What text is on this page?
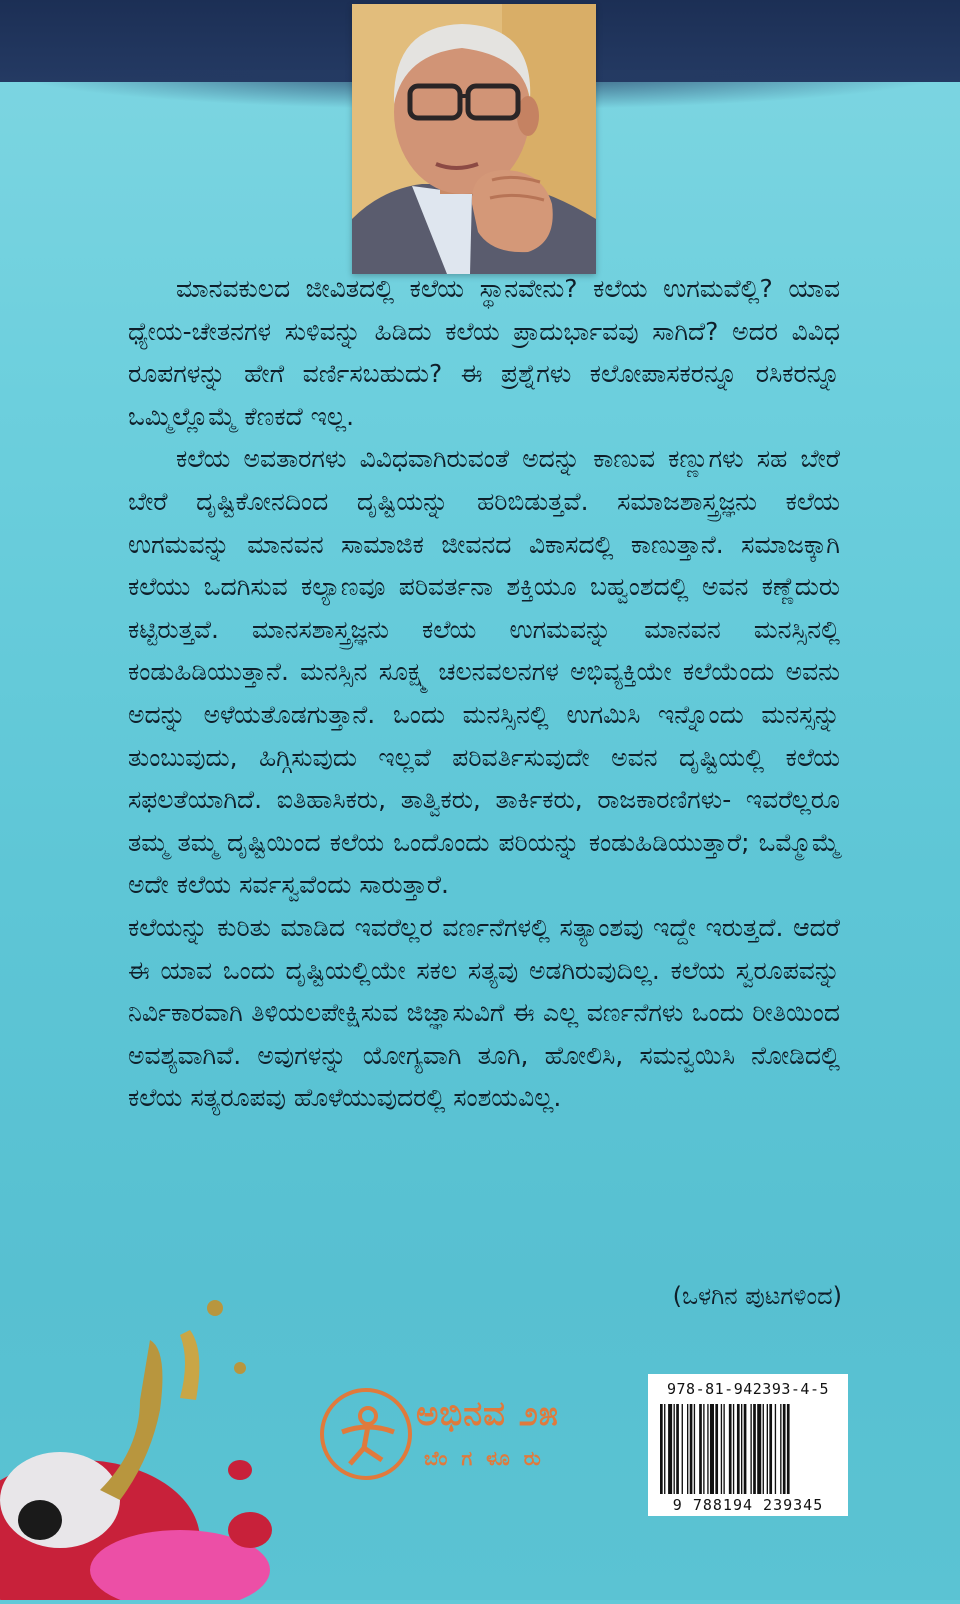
ಮಾನವಕುಲದ ಜೀವಿತದಲ್ಲಿ ಕಲೆಯ ಸ್ಥಾನವೇನು? ಕಲೆಯ ಉಗಮವೆಲ್ಲಿ? ಯಾವ ಧ್ಯೇಯ-ಚೇತನಗಳ ಸುಳಿವನ್ನು ಹಿಡಿದು ಕಲೆಯ ಪ್ರಾದುರ್ಭಾವವು ಸಾಗಿದೆ? ಅದರ ವಿವಿಧ ರೂಪಗಳನ್ನು ಹೇಗೆ ವರ್ಣಿಸಬಹುದು? ಈ ಪ್ರಶ್ನೆಗಳು ಕಲೋಪಾಸಕರನ್ನೂ ರಸಿಕರನ್ನೂ ಒಮ್ಮಿಲ್ಲೊಮ್ಮೆ ಕೆಣಕದೆ ಇಲ್ಲ.

ಕಲೆಯ ಅವತಾರಗಳು ವಿವಿಧವಾಗಿರುವಂತೆ ಅದನ್ನು ಕಾಣುವ ಕಣ್ಣುಗಳು ಸಹ ಬೇರೆ ಬೇರೆ ದೃಷ್ಟಿಕೋನದಿಂದ ದೃಷ್ಟಿಯನ್ನು ಹರಿಬಿಡುತ್ತವೆ. ಸಮಾಜಶಾಸ್ತ್ರಜ್ಞನು ಕಲೆಯ ಉಗಮವನ್ನು ಮಾನವನ ಸಾಮಾಜಿಕ ಜೀವನದ ವಿಕಾಸದಲ್ಲಿ ಕಾಣುತ್ತಾನೆ. ಸಮಾಜಕ್ಕಾಗಿ ಕಲೆಯು ಒದಗಿಸುವ ಕಲ್ಯಾಣವೂ ಪರಿವರ್ತನಾ ಶಕ್ತಿಯೂ ಬಹ್ವಂಶದಲ್ಲಿ ಅವನ ಕಣ್ಣೆದುರು ಕಟ್ಟಿರುತ್ತವೆ. ಮಾನಸಶಾಸ್ತ್ರಜ್ಞನು ಕಲೆಯ ಉಗಮವನ್ನು ಮಾನವನ ಮನಸ್ಸಿನಲ್ಲಿ ಕಂಡುಹಿಡಿಯುತ್ತಾನೆ. ಮನಸ್ಸಿನ ಸೂಕ್ಷ್ಮ ಚಲನವಲನಗಳ ಅಭಿವ್ಯಕ್ತಿಯೇ ಕಲೆಯೆಂದು ಅವನು ಅದನ್ನು ಅಳೆಯತೊಡಗುತ್ತಾನೆ. ಒಂದು ಮನಸ್ಸಿನಲ್ಲಿ ಉಗಮಿಸಿ ಇನ್ನೊಂದು ಮನಸ್ಸನ್ನು ತುಂಬುವುದು, ಹಿಗ್ಗಿಸುವುದು ಇಲ್ಲವೆ ಪರಿವರ್ತಿಸುವುದೇ ಅವನ ದೃಷ್ಟಿಯಲ್ಲಿ ಕಲೆಯ ಸಫಲತೆಯಾಗಿದೆ. ಐತಿಹಾಸಿಕರು, ತಾತ್ವಿಕರು, ತಾರ್ಕಿಕರು, ರಾಜಕಾರಣಿಗಳು- ಇವರೆಲ್ಲರೂ ತಮ್ಮ ತಮ್ಮ ದೃಷ್ಟಿಯಿಂದ ಕಲೆಯ ಒಂದೊಂದು ಪರಿಯನ್ನು ಕಂಡುಹಿಡಿಯುತ್ತಾರೆ; ಒಮ್ಮೊಮ್ಮೆ ಅದೇ ಕಲೆಯ ಸರ್ವಸ್ವವೆಂದು ಸಾರುತ್ತಾರೆ.

ಕಲೆಯನ್ನು ಕುರಿತು ಮಾಡಿದ ಇವರೆಲ್ಲರ ವರ್ಣನೆಗಳಲ್ಲಿ ಸತ್ಯಾಂಶವು ಇದ್ದೇ ಇರುತ್ತದೆ. ಆದರೆ ಈ ಯಾವ ಒಂದು ದೃಷ್ಟಿಯಲ್ಲಿಯೇ ಸಕಲ ಸತ್ಯವು ಅಡಗಿರುವುದಿಲ್ಲ. ಕಲೆಯ ಸ್ವರೂಪವನ್ನು ನಿರ್ವಿಕಾರವಾಗಿ ತಿಳಿಯಲಪೇಕ್ಷಿಸುವ ಜಿಜ್ಞಾಸುವಿಗೆ ಈ ಎಲ್ಲ ವರ್ಣನೆಗಳು ಒಂದು ರೀತಿಯಿಂದ ಅವಶ್ಯವಾಗಿವೆ. ಅವುಗಳನ್ನು ಯೋಗ್ಯವಾಗಿ ತೂಗಿ, ಹೋಲಿಸಿ, ಸಮನ್ವಯಿಸಿ ನೋಡಿದಲ್ಲಿ ಕಲೆಯ ಸತ್ಯರೂಪವು ಹೊಳೆಯುವುದರಲ್ಲಿ ಸಂಶಯವಿಲ್ಲ.

(ಒಳಗಿನ ಪುಟಗಳಿಂದ)
ಅಭಿನವ ೨೫
ಬೆಂಗಳೂರು
978-81-942393-4-5
9 788194 239345
